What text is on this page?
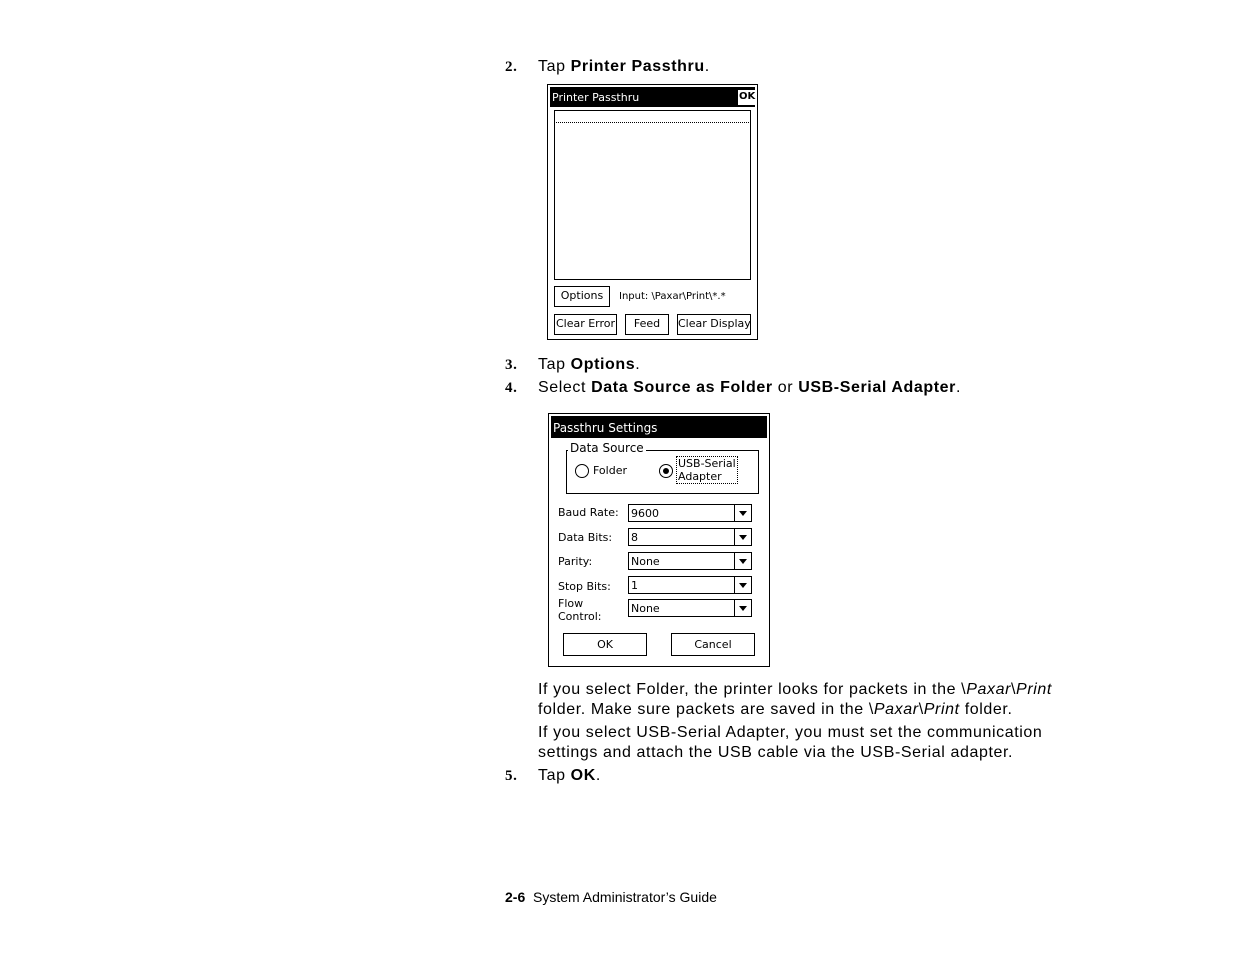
2. Tap Printer Passthru.
Printer Passthru	OK
Options	Input: \Paxar\Print\*.*
Clear Error	Feed	Clear Display
3. Tap Options.
4. Select Data Source as Folder or USB-Serial Adapter.
Passthru Settings
Data Source
Folder
USB-Serial
Adapter
Baud Rate: 9600
Data Bits: 8
Parity:	None
Stop Bits: 1
Flow
Control:
None
OK	Cancel
If you select Folder, the printer looks for packets in the \Paxar\Print
folder. Make sure packets are saved in the \Paxar\Print folder.
If you select USB-Serial Adapter, you must set the communication
settings and attach the USB cable via the USB-Serial adapter.
5. Tap OK.
2-6 System Administrator’s Guide
